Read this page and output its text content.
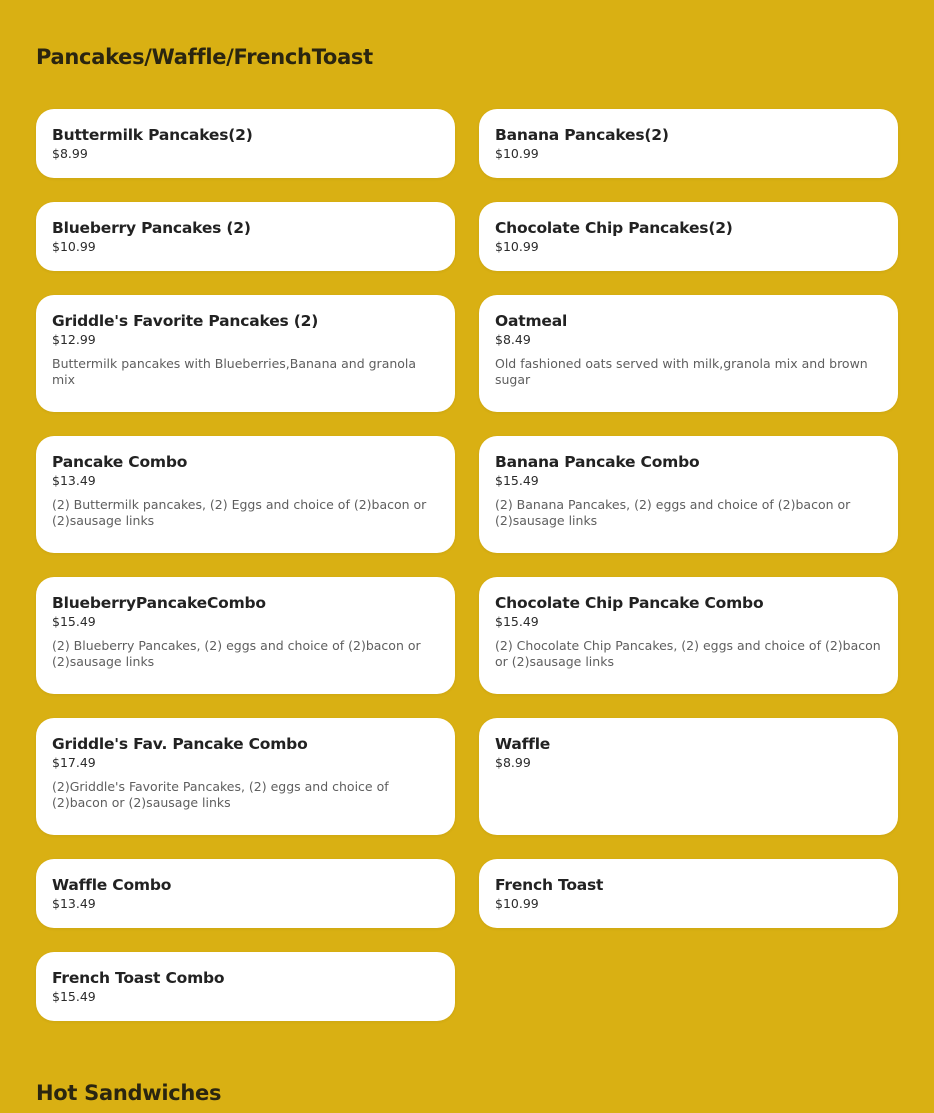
Pancakes/Waffle/FrenchToast
Buttermilk Pancakes(2)
$8.99
Banana Pancakes(2)
$10.99
Blueberry Pancakes (2)
$10.99
Chocolate Chip Pancakes(2)
$10.99
Griddle's Favorite Pancakes (2)
$12.99
Buttermilk pancakes with Blueberries,Banana and granola mix
Oatmeal
$8.49
Old fashioned oats served with milk,granola mix and brown sugar
Pancake Combo
$13.49
(2) Buttermilk pancakes, (2) Eggs and choice of (2)bacon or (2)sausage links
Banana Pancake Combo
$15.49
(2) Banana Pancakes, (2) eggs and choice of (2)bacon or (2)sausage links
BlueberryPancakeCombo
$15.49
(2) Blueberry Pancakes, (2) eggs and choice of (2)bacon or (2)sausage links
Chocolate Chip Pancake Combo
$15.49
(2) Chocolate Chip Pancakes, (2) eggs and choice of (2)bacon or (2)sausage links
Griddle's Fav. Pancake Combo
$17.49
(2)Griddle's Favorite Pancakes, (2) eggs and choice of (2)bacon or (2)sausage links
Waffle
$8.99
Waffle Combo
$13.49
French Toast
$10.99
French Toast Combo
$15.49
Hot Sandwiches
